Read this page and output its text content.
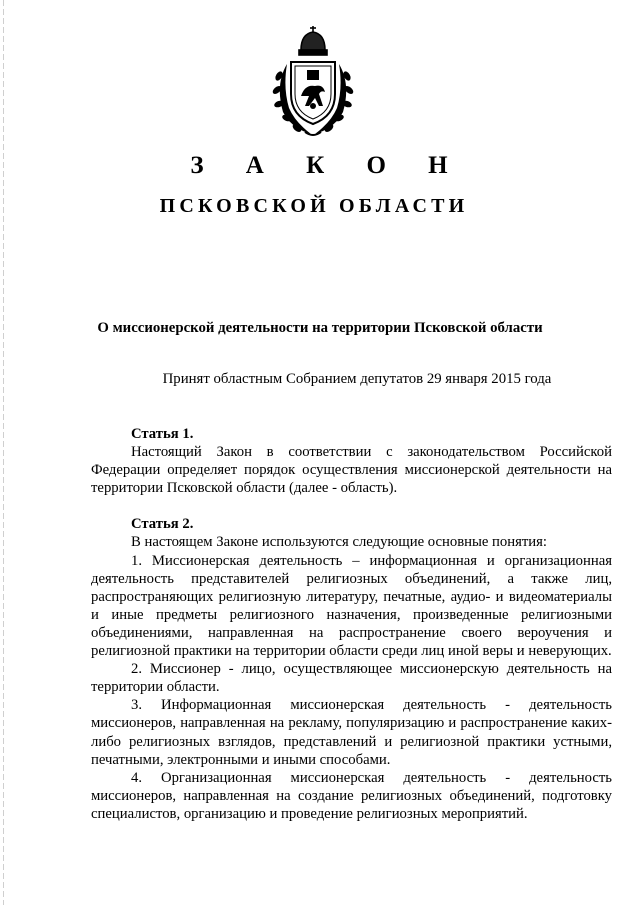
З А К О Н
ПСКОВСКОЙ ОБЛАСТИ
О миссионерской деятельности на территории Псковской области
Принят областным Собранием депутатов 29 января 2015 года

Статья 1.

Настоящий Закон в соответствии с законодательством Российской Федерации определяет порядок осуществления миссионерской деятельности на территории Псковской области (далее - область).

Статья 2.

В настоящем Законе используются следующие основные понятия:

1. Миссионерская деятельность – информационная и организационная деятельность представителей религиозных объединений, а также лиц, распространяющих религиозную литературу, печатные, аудио- и видеоматериалы и иные предметы религиозного назначения, произведенные религиозными объединениями, направленная на распространение своего вероучения и религиозной практики на территории области среди лиц иной веры и неверующих.

2. Миссионер - лицо, осуществляющее миссионерскую деятельность на территории области.

3. Информационная миссионерская деятельность - деятельность миссионеров, направленная на рекламу, популяризацию и распространение каких-либо религиозных взглядов, представлений и религиозной практики устными, печатными, электронными и иными способами.

4. Организационная миссионерская деятельность - деятельность миссионеров, направленная на создание религиозных объединений, подготовку специалистов, организацию и проведение религиозных мероприятий.
